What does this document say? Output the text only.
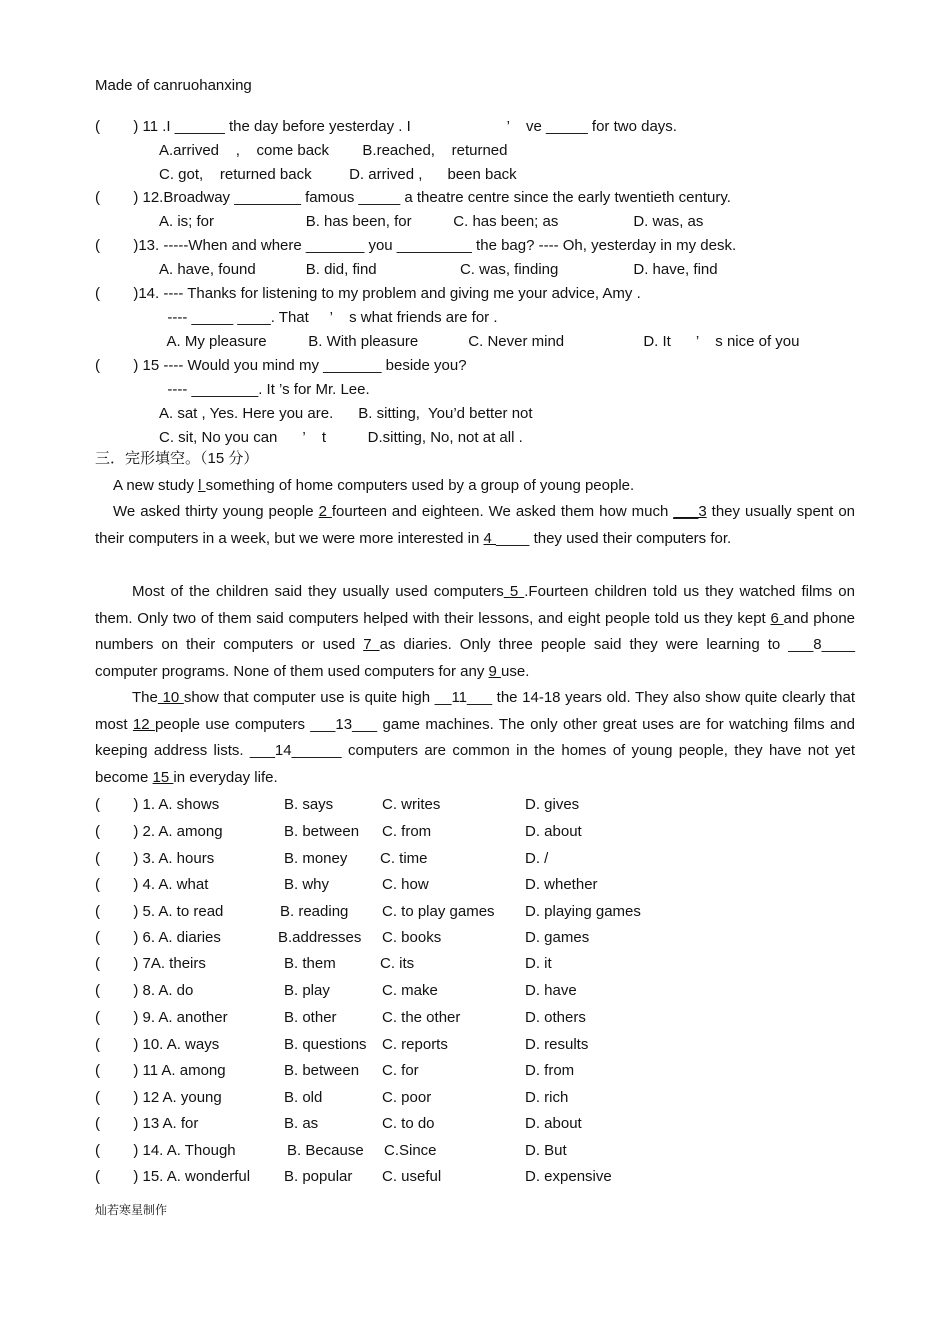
Made of canruohanxing
(        ) 11 .I ______ the day before yesterday . I                       ’    ve _____ for two days.
A.arrived    ,    come back        B.reached,    returned
C. got,    returned back         D. arrived ,      been back
(        ) 12.Broadway ________ famous _____ a theatre centre since the early twentieth century.
A. is; for                      B. has been, for          C. has been; as                  D. was, as
(        )13. -----When and where _______ you _________ the bag? ---- Oh, yesterday in my desk.
A. have, found            B. did, find                    C. was, finding                  D. have, find
(        )14. ---- Thanks for listening to my problem and giving me your advice, Amy .
---- _____ ____. That     ’    s what friends are for .
A. My pleasure          B. With pleasure            C. Never mind                   D. It      ’    s nice of you
(        ) 15 ---- Would you mind my _______ beside you?
---- ________. It ’s for Mr. Lee.
A. sat , Yes. Here you are.      B. sitting,  You’d better not
C. sit, No you can      ’    t          D.sitting, No, not at all .
三．完形填空。（15 分）
A new study l something of home computers used by a group of young people.
We asked thirty young people 2 fourteen and eighteen. We asked them how much ___3 they usually spent on their computers in a week, but we were more interested in 4 ____ they used their computers for.
Most of the children said they usually used computers 5 .Fourteen children told us they watched films on them. Only two of them said computers helped with their lessons, and eight people told us they kept 6 and phone numbers on their computers or used 7 as diaries. Only three people said they were learning to ___8____ computer programs. None of them used computers for any 9 use.
The 10 show that computer use is quite high __11___ the 14-18 years old. They also show quite clearly that most 12 people use computers ___13___ game machines. The only other great uses are for watching films and keeping address lists. ___14______ computers are common in the homes of young people, they have not yet become 15 in everyday life.
(        ) 1. A. shows	B. says	C. writes	D. gives
(        ) 2. A. among	B. between C. from	D. about
(        ) 3. A. hours	B. money C. time	D. /
(        ) 4. A. what	B. why	C. how	D. whether
(        ) 5. A. to read	B. reading C. to play games D. playing games
(        ) 6. A. diaries	B.addresses C. books	D. games
(        ) 7A. theirs	B. them	C. its	D. it
(        ) 8. A. do	B. play	C. make	D. have
(        ) 9. A. another	B. other	C. the other	D. others
(        ) 10. A. ways	B. questions C. reports	D. results
(        ) 11 A. among	B. between C. for	D. from
(        ) 12 A. young	B. old	C. poor	D. rich
(        ) 13 A. for	B. as	C. to do	D. about
(        ) 14. A. Though	B. Because C.Since	D. But
(        ) 15. A. wonderful B. popular C. useful	D. expensive
灿若寒星制作
